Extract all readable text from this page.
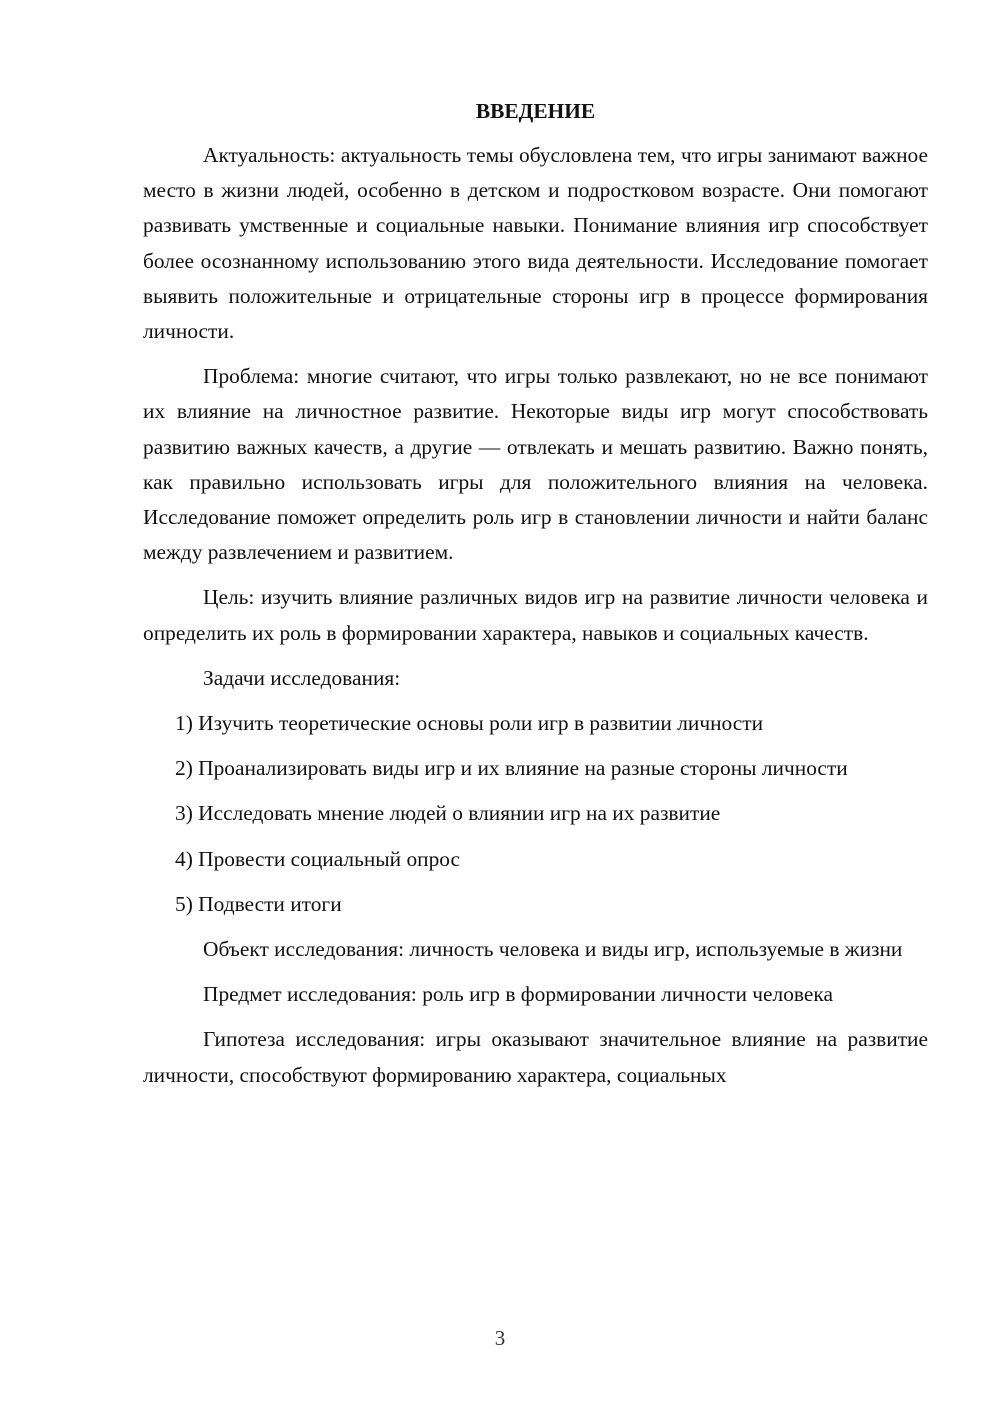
ВВЕДЕНИЕ

Актуальность: актуальность темы обусловлена тем, что игры занимают важное место в жизни людей, особенно в детском и подростковом возрасте. Они помогают развивать умственные и социальные навыки. Понимание влияния игр способствует более осознанному использованию этого вида деятельности. Исследование помогает выявить положительные и отрицательные стороны игр в процессе формирования личности.

Проблема: многие считают, что игры только развлекают, но не все понимают их влияние на личностное развитие. Некоторые виды игр могут способствовать развитию важных качеств, а другие — отвлекать и мешать развитию. Важно понять, как правильно использовать игры для положительного влияния на человека. Исследование поможет определить роль игр в становлении личности и найти баланс между развлечением и развитием.

Цель: изучить влияние различных видов игр на развитие личности человека и определить их роль в формировании характера, навыков и социальных качеств.

Задачи исследования:

1) Изучить теоретические основы роли игр в развитии личности

2) Проанализировать виды игр и их влияние на разные стороны личности

3) Исследовать мнение людей о влиянии игр на их развитие

4) Провести социальный опрос

5) Подвести итоги

Объект исследования: личность человека и виды игр, используемые в жизни

Предмет исследования: роль игр в формировании личности человека

Гипотеза исследования: игры оказывают значительное влияние на развитие личности, способствуют формированию характера, социальных

3
